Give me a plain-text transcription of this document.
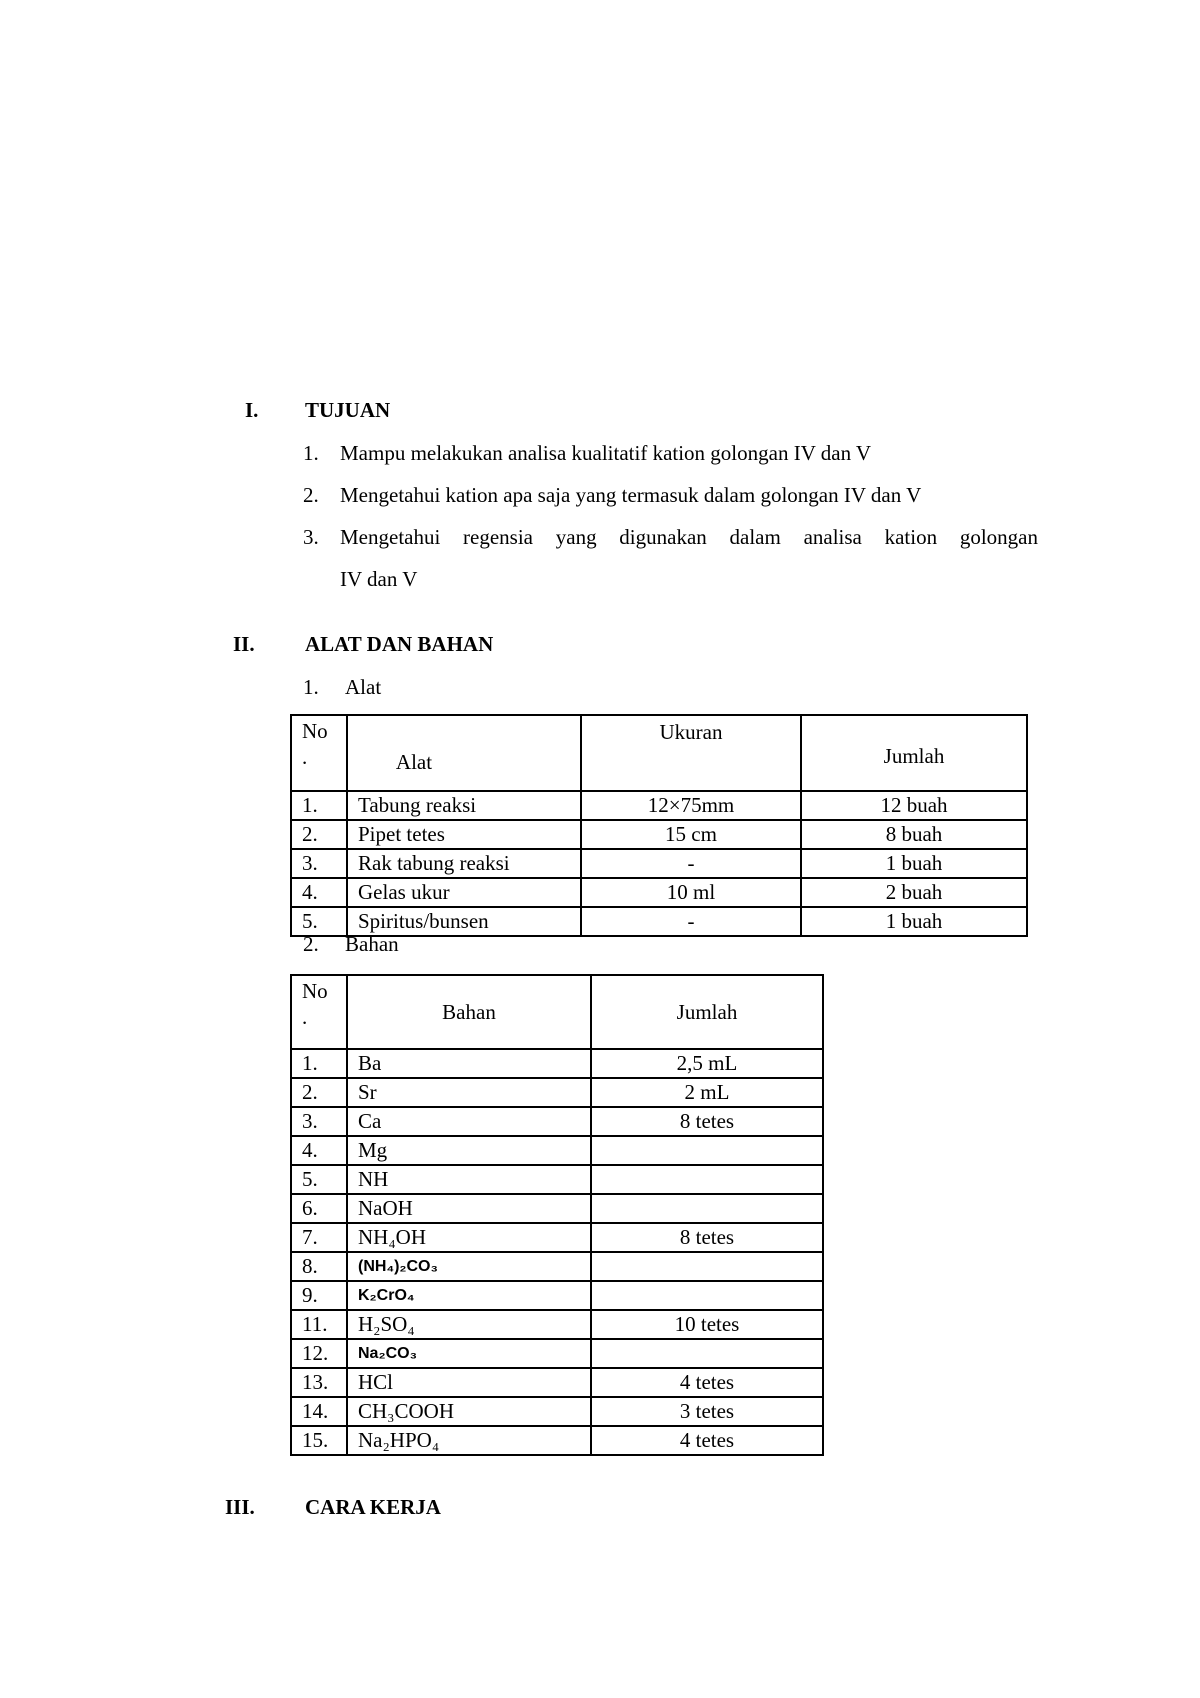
I. TUJUAN
1. Mampu melakukan analisa kualitatif kation golongan IV dan V
2. Mengetahui kation apa saja yang termasuk dalam golongan IV dan V
3. Mengetahui regensia yang digunakan dalam analisa kation golongan
IV dan V
II. ALAT DAN BAHAN
1. Alat
No
.	Alat	Ukuran	Jumlah
1.	Tabung reaksi	12×75mm	12 buah
2.	Pipet tetes	15 cm	8 buah
3.	Rak tabung reaksi	-	1 buah
4.	Gelas ukur	10 ml	2 buah
5.	Spiritus/bunsen	-	1 buah
2. Bahan
No
.	Bahan	Jumlah
1.	Ba	2,5 mL
2.	Sr	2 mL
3.	Ca	8 tetes
4.	Mg	
5.	NH	
6.	NaOH	
7.	NH₄OH	8 tetes
8.	(NH₄)₂CO₃	
9.	K₂CrO₄	
11.	H₂SO₄	10 tetes
12.	Na₂CO₃	
13.	HCl	4 tetes
14.	CH₃COOH	3 tetes
15.	Na₂HPO₄	4 tetes
III. CARA KERJA
